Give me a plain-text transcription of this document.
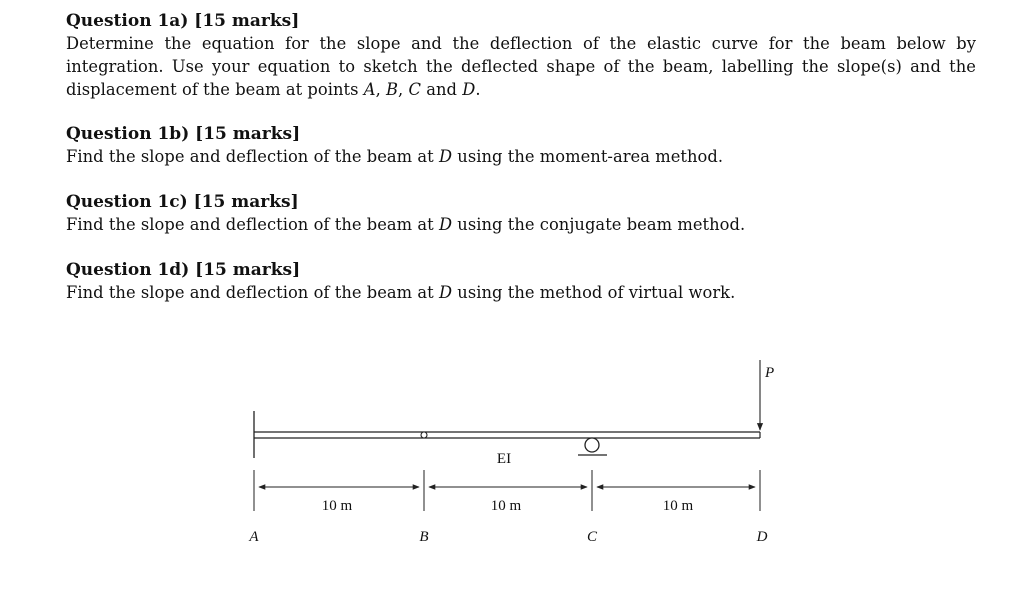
Question 1a) [15 marks]
Determine the equation for the slope and the deflection of the elastic curve for the beam below by integration. Use your equation to sketch the deflected shape of the beam, labelling the slope(s) and the displacement of the beam at points A, B, C and D.
Question 1b) [15 marks]
Find the slope and deflection of the beam at D using the moment-area method.
Question 1c) [15 marks]
Find the slope and deflection of the beam at D using the conjugate beam method.
Question 1d) [15 marks]
Find the slope and deflection of the beam at D using the method of virtual work.
P
EI
10 m	10 m	10 m
A	B	C	D
